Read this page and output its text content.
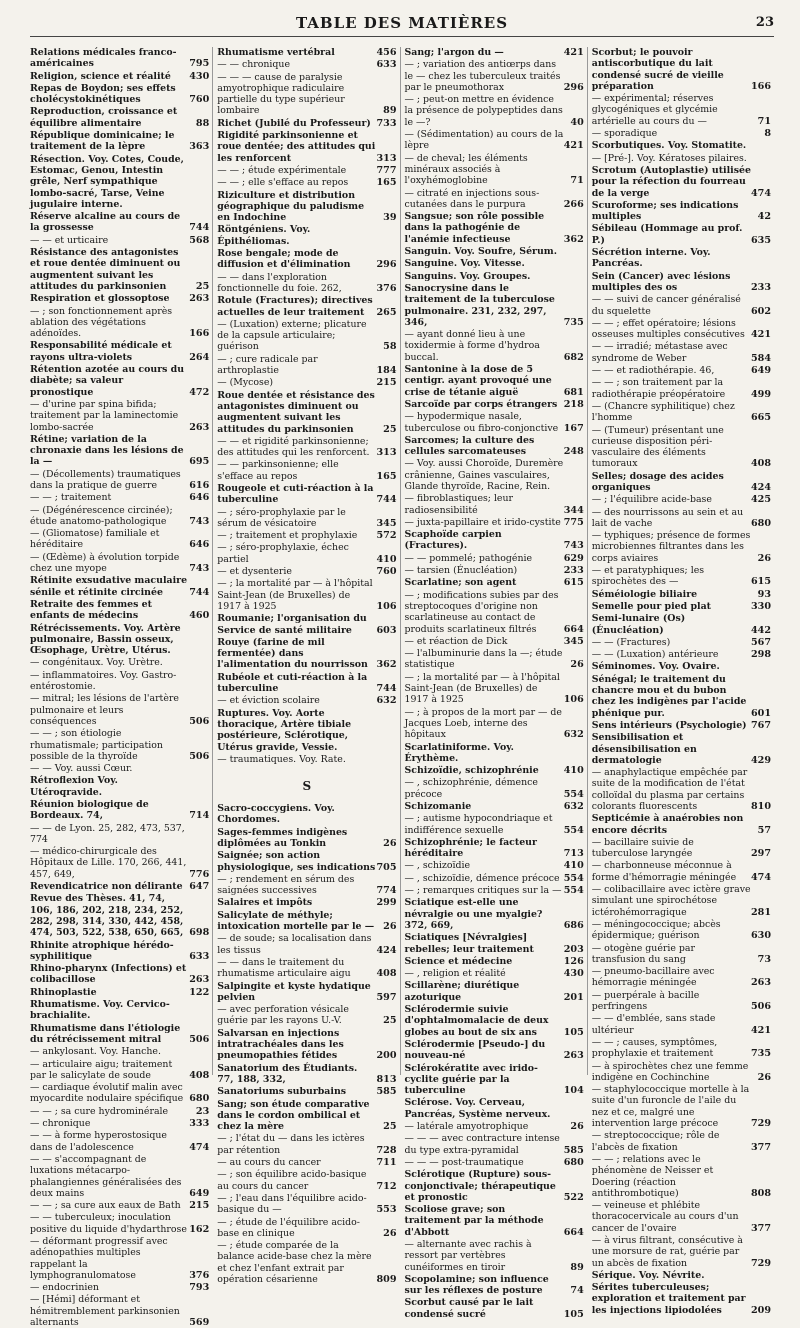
TABLE DES MATIÈRES	23
Relations médicales franco-américaines	795
Religion, science et réalité 430
Repas de Boydon; ses effets cholécystokinétiques	760
Reproduction, croissance et équilibre alimentaire	88
République dominicaine; le traitement de la lèpre	363
Résection. Voy. Cotes, Coude, Estomac, Genou, Intestin grêle, Nerf sympathique lombo-sacré, Tarse, Veine jugulaire interne.
Réserve alcaline au cours de la grossesse	744
— — et urticaire	568
Résistance des antagonistes et roue dentée diminuent ou augmentent suivant les attitudes du parkinsonien	25
Respiration et glossoptose 263
— ; son fonctionnement après ablation des végétations adénoïdes.	166
Responsabilité médicale et rayons ultra-violets	264
Rétention azotée au cours du diabète; sa valeur pronostique	472
— d'urine par spina bifida; traitement par la laminectomie lombo-sacrée	263
Rétine; variation de la chronaxie dans les lésions de la —	695
— (Décollements) traumatiques dans la pratique de guerre	616
— — ; traitement	646
— (Dégénérescence circinée); étude anatomo-pathologique 743
— (Gliomatose) familiale et héréditaire	646
— (Œdème) à évolution torpide chez une myope	743
Rétinite exsudative maculaire sénile et rétinite circinée	744
Retraite des femmes et enfants de médecins	460
Rétrécissements. Voy. Artère pulmonaire, Bassin osseux, Œsophage, Urètre, Utérus.
— congénitaux. Voy. Urètre.
— inflammatoires. Voy. Gastro-entérostomie.
— mitral; les lésions de l'artère pulmonaire et leurs conséquences	506
— — ; son étiologie rhumatismale; participation possible de la thyroïde	506
— — Voy. aussi Cœur.
Rétroflexion Voy. Utéroqravide.
Réunion biologique de Bordeaux. 74,	714
— — de Lyon. 25, 282, 473, 537, 774
— médico-chirurgicale des Hôpitaux de Lille. 170, 266, 441, 457, 649,	776
Revendicatrice non délirante 647
Revue des Thèses. 41, 74, 106, 186, 202, 218, 234, 252, 282, 298, 314, 330, 442, 458, 474, 503, 522, 538, 650, 665, 698
Rhinite atrophique hérédo-syphilitique	633
Rhino-pharynx (Infections) et colibacillose	263
Rhinoplastie	122
Rhumatisme. Voy. Cervico-brachialite.
Rhumatisme dans l'étiologie du rétrécissement mitral	506
— ankylosant. Voy. Hanche.
— articulaire aigu; traitement par le salicylate de soude	408
— cardiaque évolutif malin avec myocardite nodulaire spécifique 680
— — ; sa cure hydrominérale	23
— chronique	333
— — à forme hyperostosique dans de l'adolescence	474
— — s'accompagnant de luxations métacarpo-phalangiennes généralisées des deux mains	649
— — ; sa cure aux eaux de Bath 215
— — tuberculeux; inoculation positive du liquide d'hydarthrose 162
— déformant progressif avec adénopathies multiples rappelant la lymphogranulomatose	376
— endocrinien	793
— [Hémi] déformant et hémitremblement parkinsonien alternants	569
Rhumatisme vertébral	456
— — chronique	633
— — — cause de paralysie amyotrophique radiculaire partielle du type supérieur lombaire	89
Richet (Jubilé du Professeur) 733
Rigidité parkinsonienne et roue dentée; des attitudes qui les renforcent	313
— — ; étude expérimentale	777
— — ; elle s'efface au repos	165
Riziculture et distribution géographique du paludisme en Indochine	39
Röntgéniens. Voy. Épithéliomas.
Rose bengale; mode de diffusion et d'élimination	296
— — dans l'exploration fonctionnelle du foie. 262,	376
Rotule (Fractures); directives actuelles de leur traitement 265
— (Luxation) externe; plicature de la capsule articulaire; guérison	58
— ; cure radicale par arthroplastie	184
— (Mycose)	215
Roue dentée et résistance des antagonistes diminuent ou augmentent suivant les attitudes du parkinsonien	25
— — et rigidité parkinsonienne; des attitudes qui les renforcent. 313
— — parkinsonienne; elle s'efface au repos	165
Rougeole et cuti-réaction à la tuberculine	744
— ; séro-prophylaxie par le sérum de vésicatoire	345
— ; traitement et prophylaxie 572
— ; séro-prophylaxie, échec partiel	410
— et dysenterie	760
— ; la mortalité par — à l'hôpital Saint-Jean (de Bruxelles) de 1917 à 1925	106
Roumanie; l'organisation du Service de santé militaire	603
Rouye (farine de mil fermentée) dans l'alimentation du nourrisson 362
Rubéole et cuti-réaction à la tuberculine	744
— et éviction scolaire	632
Ruptures. Voy. Aorte thoracique, Artère tibiale postérieure, Sclérotique, Utérus gravide, Vessie.
— traumatiques. Voy. Rate.
S
Sacro-coccygiens. Voy. Chordomes.
Sages-femmes indigènes diplômées au Tonkin	26
Saignée; son action physiologique, ses indications 705
— ; rendement en sérum des saignées successives	774
Salaires et impôts	299
Salicylate de méthyle; intoxication mortelle par le — 26
— de soude; sa localisation dans les tissus	424
— — dans le traitement du rhumatisme articulaire aigu	408
Salpingite et kyste hydatique pelvien	597
— avec perforation vésicale guérie par les rayons U.-V.	25
Salvarsan en injections intratrachéales dans les pneumopathies fétides	200
Sanatorium des Étudiants. 77, 188, 332,	813
Sanatoriums suburbains	585
Sang; son étude comparative dans le cordon ombilical et chez la mère	25
— ; l'état du — dans les ictères par rétention	728
— au cours du cancer	711
— ; son équilibre acido-basique au cours du cancer	712
— ; l'eau dans l'équilibre acido-basique du —	553
— ; étude de l'équilibre acido-base en clinique	26
— ; étude comparée de la balance acide-base chez la mère et chez l'enfant extrait par opération césarienne	809
Sang; l'argon du —	421
— ; variation des antiœrps dans le — chez les tuberculeux traités par le pneumothorax	296
— ; peut-on mettre en évidence la présence de polypeptides dans le —?	40
— (Sédimentation) au cours de la lèpre	421
— de cheval; les éléments minéraux associés à l'oxyhémoglobine	71
— citraté en injections sous-cutanées dans le purpura	266
Sangsue; son rôle possible dans la pathogénie de l'anémie infectieuse	362
Sanguin. Voy. Soufre, Sérum.
Sanguine. Voy. Vitesse.
Sanguins. Voy. Groupes.
Sanocrysine dans le traitement de la tuberculose pulmonaire. 231, 232, 297, 346,	735
— ayant donné lieu à une toxidermie à forme d'hydroa buccal.	682
Santonine à la dose de 5 centigr. ayant provoqué une crise de tétanie aiguë	681
Sarcoïde par corps étrangers 218
— hypodermique nasale, tuberculose ou fibro-conjonctive 167
Sarcomes; la culture des cellules sarcomateuses	248
— Voy. aussi Choroïde, Duremère crânienne, Gaines vasculaires, Glande thyroïde, Racine, Rein.
— fibroblastiques; leur radiosensibilité	344
— juxta-papillaire et irido-cystite 775
Scaphoïde carpien (Fractures).	743
— — pommelé; pathogénie	629
— tarsien (Énucléation)	233
Scarlatine; son agent	615
— ; modifications subies par des streptocoques d'origine non scarlatineuse au contact de produits scarlatineux filtrés	664
— et réaction de Dick	345
— l'albuminurie dans la —; étude statistique	26
— ; la mortalité par — à l'hôpital Saint-Jean (de Bruxelles) de 1917 à 1925	106
— ; à propos de la mort par — de Jacques Loeb, interne des hôpitaux	632
Scarlatiniforme. Voy. Érythème.
Schizoïdie, schizophrénie	410
— , schizophrénie, démence précoce	554
Schizomanie	632
— ; autisme hypocondriaque et indifférence sexuelle	554
Schizophrénie; le facteur héréditaire	713
— , schizoïdie	410
— , schizoïdie, démence précoce 554
— ; remarques critiques sur la — 554
Sciatique est-elle une névralgie ou une myalgie? 372, 669,	686
Sciatiques [Névralgies] rebelles; leur traitement	203
Science et médecine	126
— , religion et réalité	430
Scillarène; diurétique azoturique	201
Sclérodermie suivie d'ophtalmomalacie de deux globes au bout de six ans	105
Sclérodermie [Pseudo-] du nouveau-né	263
Sclérokératite avec irido-cyclite guérie par la tuberculine	104
Sclérose. Voy. Cerveau, Pancréas, Système nerveux.
— latérale amyotrophique	26
— — — avec contracture intense du type extra-pyramidal	585
— — — post-traumatique	680
Sclérotique (Rupture) sous-conjonctivale; thérapeutique et pronostic	522
Scoliose grave; son traitement par la méthode d'Abbott	664
— alternante avec rachis à ressort par vertèbres cunéiformes en tiroir	89
Scopolamine; son influence sur les réflexes de posture	74
Scorbut causé par le lait condensé sucré	105
Scorbut; le pouvoir antiscorbutique du lait condensé sucré de vieille préparation	166
— expérimental; réserves glycogéniques et glycémie artérielle au cours du —	71
— sporadique	8
Scorbutiques. Voy. Stomatite.
— [Pré-]. Voy. Kératoses pilaires.
Scrotum (Autoplastie) utilisée pour la réfection du fourreau de la verge	474
Scuroforme; ses indications multiples	42
Sébileau (Hommage au prof. P.)	635
Sécrétion interne. Voy. Pancréas.
Sein (Cancer) avec lésions multiples des os	233
— — suivi de cancer généralisé du squelette	602
— — ; effet opératoire; lésions osseuses multiples consécutives 421
— — irradié; métastase avec syndrome de Weber	584
— — et radiothérapie. 46,	649
— — ; son traitement par la radiothérapie préopératoire	499
— (Chancre syphilitique) chez l'homme	665
— (Tumeur) présentant une curieuse disposition péri-vasculaire des éléments tumoraux	408
Selles; dosage des acides organiques	424
— ; l'équilibre acide-base	425
— des nourrissons au sein et au lait de vache	680
— typhiques; présence de formes microbiennes filtrantes dans les corps aviaires	26
— et paratyphiques; les spirochètes des —	615
Séméiologie biliaire	93
Semelle pour pied plat	330
Semi-lunaire (Os) (Énucléation)	442
— — (Fractures)	567
— — (Luxation) antérieure	298
Séminomes. Voy. Ovaire.
Sénégal; le traitement du chancre mou et du bubon chez les indigènes par l'acide phénique pur.	601
Sens intérieurs (Psychologie) 767
Sensibilisation et désensibilisation en dermatologie	429
— anaphylactique empêchée par suite de la modification de l'état colloïdal du plasma par certains colorants fluorescents	810
Septicémie à anaérobies non encore décrits	57
— bacillaire suivie de tuberculose laryngée	297
— charbonneuse méconnue à forme d'hémorragie méningée 474
— colibacillaire avec ictère grave simulant une spirochétose ictérohémorragique	281
— méningococcique; abcès épidermique; guérison	630
— otogène guérie par transfusion du sang	73
— pneumo-bacillaire avec hémorragie méningée	263
— puerpérale à bacille perfringens	506
— — d'emblée, sans stade ultérieur	421
— — ; causes, symptômes, prophylaxie et traitement	735
— à spirochètes chez une femme indigène en Cochinchine	26
— staphylococcique mortelle à la suite d'un furoncle de l'aile du nez et ce, malgré une intervention large précoce	729
— streptococcique; rôle de l'abcès de fixation	377
— — ; relations avec le phénomène de Neisser et Doering (réaction antithrombotique)	808
— veineuse et phlébite thoracocervicale au cours d'un cancer de l'ovaire	377
— à virus filtrant, consécutive à une morsure de rat, guérie par un abcès de fixation	729
Sérique. Voy. Névrite.
Sérites tuberculeuses; exploration et traitement par les injections lipiodolées	209
